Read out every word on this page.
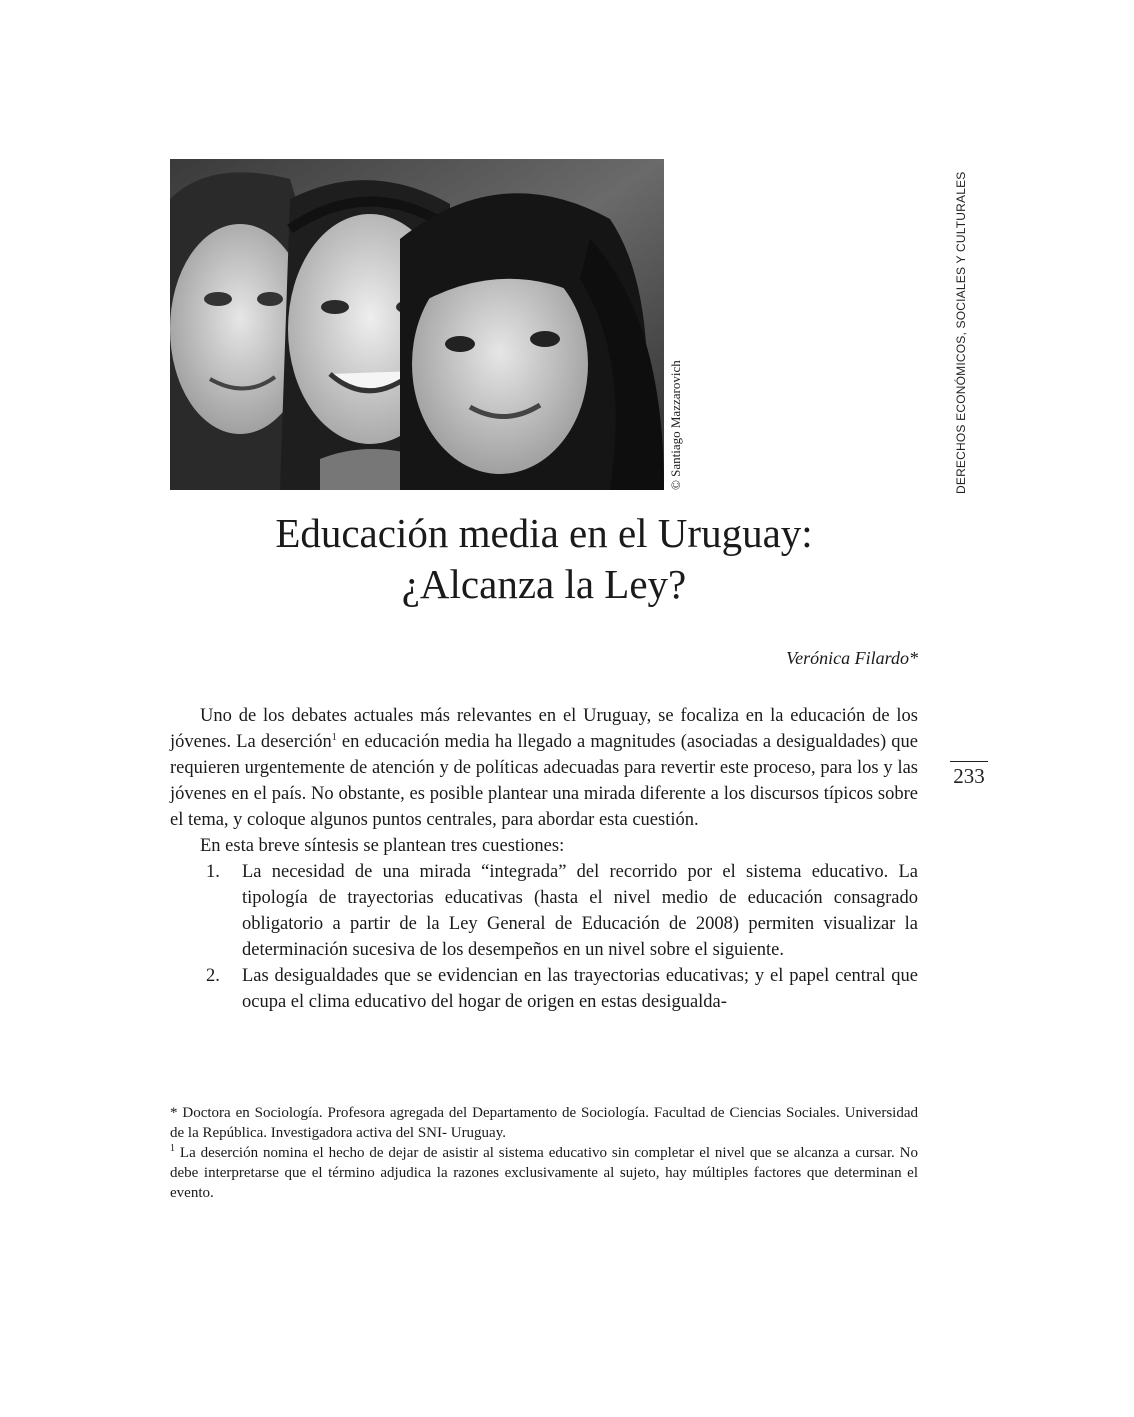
© Santiago Mazzarovich	DERECHOS ECONÓMICOS, SOCIALES Y CULTURALES
233
Educación media en el Uruguay:
¿Alcanza la Ley?
Verónica Filardo*

Uno de los debates actuales más relevantes en el Uruguay, se focaliza en la educación de los jóvenes. La deserción$^1$ en educación media ha llegado a magnitudes (asociadas a desigualdades) que requieren urgentemente de atención y de políticas adecuadas para revertir este proceso, para los y las jóvenes en el país. No obstante, es posible plantear una mirada diferente a los discursos típicos sobre el tema, y coloque algunos puntos centrales, para abordar esta cuestión.

En esta breve síntesis se plantean tres cuestiones:

1. La necesidad de una mirada “integrada” del recorrido por el sistema educativo. La tipología de trayectorias educativas (hasta el nivel medio de educación consagrado obligatorio a partir de la Ley General de Educación de 2008) permiten visualizar la determinación sucesiva de los desempeños en un nivel sobre el siguiente.
2. Las desigualdades que se evidencian en las trayectorias educativas; y el papel central que ocupa el clima educativo del hogar de origen en estas desigualda-

* Doctora en Sociología. Profesora agregada del Departamento de Sociología. Facultad de Ciencias Sociales. Universidad de la República. Investigadora activa del SNI- Uruguay.

$^1$ La deserción nomina el hecho de dejar de asistir al sistema educativo sin completar el nivel que se alcanza a cursar. No debe interpretarse que el término adjudica la razones exclusivamente al sujeto, hay múltiples factores que determinan el evento.
